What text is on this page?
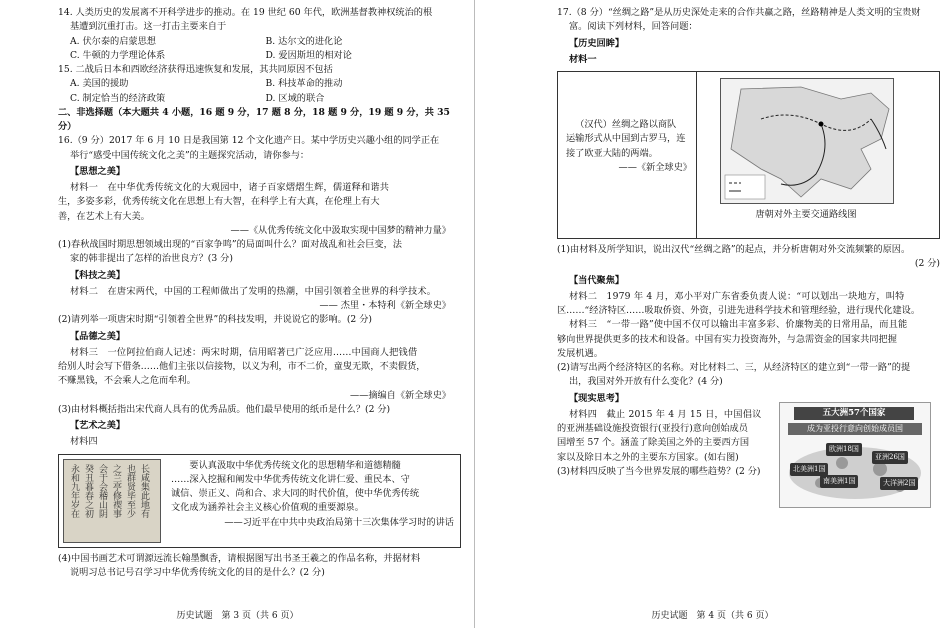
14. 人类历史的发展离不开科学进步的推动。在 19 世纪 60 年代，欧洲基督教神权统治的根

基遭到沉重打击。这一打击主要来自于

A. 伏尔泰的启蒙思想	B. 达尔文的进化论
C. 牛顿的力学理论体系	D. 爱因斯坦的相对论

15. 二战后日本和西欧经济获得迅速恢复和发展，其共同原因不包括

A. 美国的援助	B. 科技革命的推动
C. 制定恰当的经济政策	D. 区域的联合

二、非选择题（本大题共 4 小题，16 题 9 分，17 题 8 分，18 题 9 分，19 题 9 分，共 35 分）

16.（9 分）2017 年 6 月 10 日是我国第 12 个文化遗产日。某中学历史兴趣小组的同学正在

举行“感受中国传统文化之美”的主题探究活动，请你参与：

【思想之美】

材料一　在中华优秀传统文化的大观园中，诸子百家熠熠生辉，儒道释和谐共

生，多姿多彩，优秀传统文化在思想上有大智，在科学上有大真，在伦理上有大

善，在艺术上有大美。

——《从优秀传统文化中汲取实现中国梦的精神力量》

(1)春秋战国时期思想领域出现的“百家争鸣”的局面叫什么？面对战乱和社会巨变，法

家的韩非提出了怎样的治世良方？(3 分)

【科技之美】

材料二　在唐宋两代，中国的工程师做出了发明的热潮，中国引领着全世界的科学技术。

—— 杰里・本特利《新全球史》

(2)请列举一项唐宋时期“引领着全世界”的科技发明，并说说它的影响。(2 分)

【品德之美】

材料三　一位阿拉伯商人记述：两宋时期，信用昭著已广泛应用……中国商人把钱借

给别人时会写下借条……他们主张以信接物，以义为利，市不二价，童叟无欺，不卖假货，

不赚黑钱，不会乘人之危而牟利。

——摘编自《新全球史》

(3)由材料概括指出宋代商人具有的优秀品质。他们最早使用的纸币是什么？(2 分)

【艺术之美】

材料四

永和九年岁在 癸丑暮春之初 会于会稽山阴 之兰亭修禊事 也群贤毕至少 长咸集此地有	要认真汲取中华优秀传统文化的思想精华和道德精髓

……深入挖掘和阐发中华优秀传统文化讲仁爱、重民本、守

诚信、崇正义、尚和合、求大同的时代价值，使中华优秀传统

文化成为涵养社会主义核心价值观的重要源泉。

——习近平在中共中央政治局第十三次集体学习时的讲话

(4)中国书画艺术可谓源远流长翰墨飘香，请根据图写出书圣王羲之的作品名称，并据材料

说明习总书记号召学习中华优秀传统文化的目的是什么？(2 分)

历史试题　第 3 页（共 6 页）

17.（8 分）“丝绸之路”是从历史深处走来的合作共赢之路，丝路精神是人类文明的宝贵财

富。阅读下列材料，回答问题：

【历史回眸】

材料一

（汉代）丝绸之路以商队

运输形式从中国到古罗马，连

接了欧亚大陆的两端。

——《新全球史》

唐朝对外主要交通路线图

(1)由材料及所学知识，说出汉代“丝绸之路”的起点，并分析唐朝对外交流频繁的原因。

(2 分)

【当代聚焦】

材料二　1979 年 4 月，邓小平对广东省委负责人说：“可以划出一块地方，叫特

区……“经济特区……吸取侨资、外资，引进先进科学技术和管理经验，进行现代化建设。

材料三　“一带一路”使中国不仅可以输出丰富多彩、价廉物美的日常用品，而且能

够向世界提供更多的技术和设备。中国有实力投资海外，与急需资金的国家共同把握

发展机遇。

(2)请写出两个经济特区的名称。对比材料二、三，从经济特区的建立到“一带一路”的提

出，我国对外开放有什么变化？(4 分)

【现实思考】

材料四　截止 2015 年 4 月 15 日，中国倡议

的亚洲基础设施投资银行(亚投行)意向创始成员

国增至 57 个。涵盖了除美国之外的主要西方国

家以及除日本之外的主要东方国家。(如右图)

(3)材料四反映了当今世界发展的哪些趋势？(2 分)

五大洲57个国家
成为亚投行意向创始成员国
欧洲18国
亚洲26国
北美洲1国
南美洲1国	大洋洲2国
历史试题　第 4 页（共 6 页）
